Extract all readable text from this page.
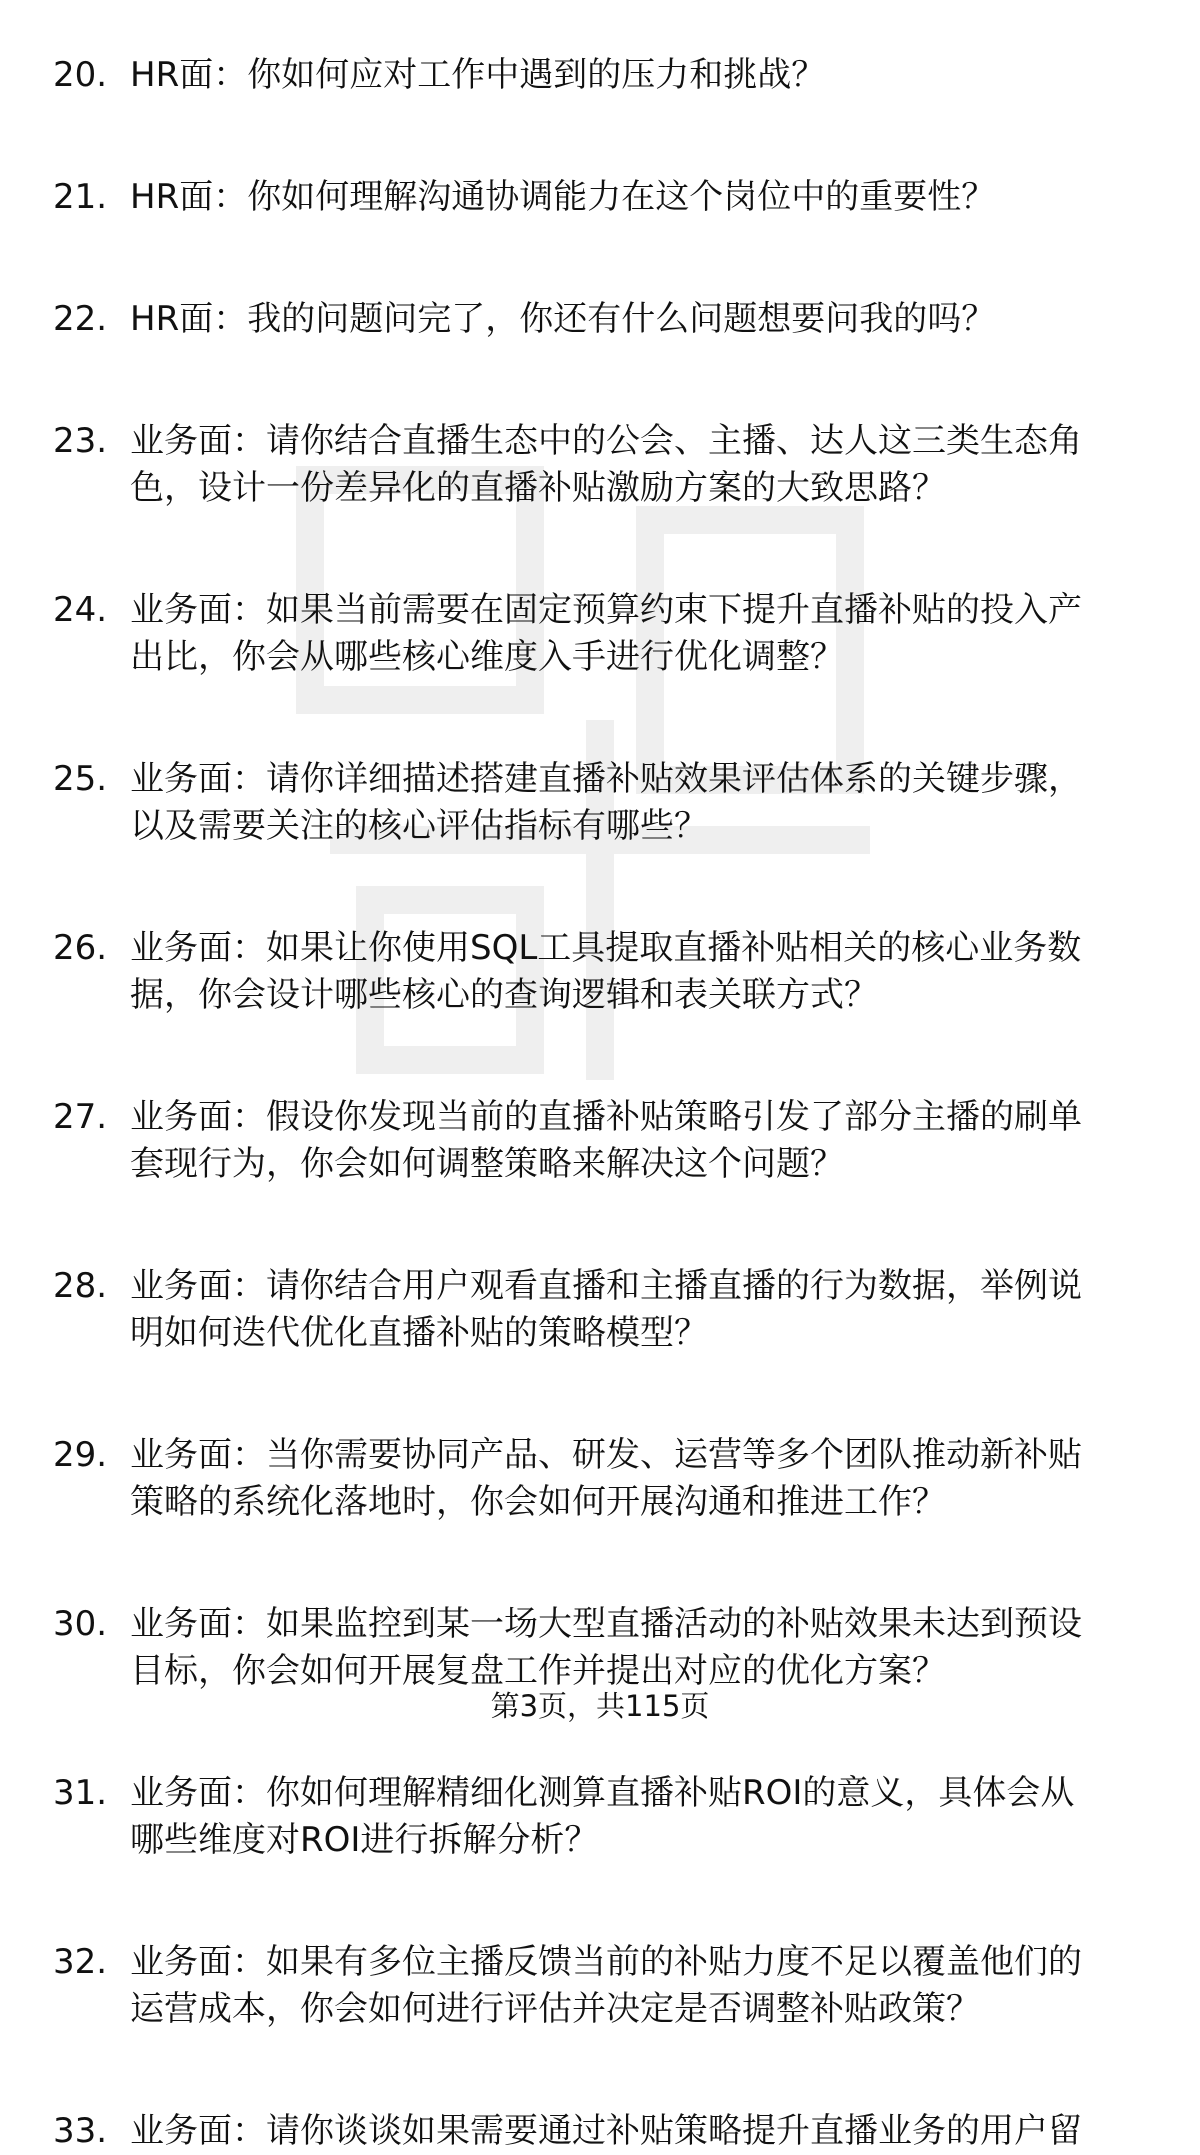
20. HR面：你如何应对工作中遇到的压力和挑战？
21. HR面：你如何理解沟通协调能力在这个岗位中的重要性？
22. HR面：我的问题问完了，你还有什么问题想要问我的吗？
23. 业务面：请你结合直播生态中的公会、主播、达人这三类生态角
色，设计一份差异化的直播补贴激励方案的大致思路？
24. 业务面：如果当前需要在固定预算约束下提升直播补贴的投入产
出比，你会从哪些核心维度入手进行优化调整？
25. 业务面：请你详细描述搭建直播补贴效果评估体系的关键步骤，
以及需要关注的核心评估指标有哪些？
26. 业务面：如果让你使用SQL工具提取直播补贴相关的核心业务数
据，你会设计哪些核心的查询逻辑和表关联方式？
27. 业务面：假设你发现当前的直播补贴策略引发了部分主播的刷单
套现行为，你会如何调整策略来解决这个问题？
28. 业务面：请你结合用户观看直播和主播直播的行为数据，举例说
明如何迭代优化直播补贴的策略模型？
29. 业务面：当你需要协同产品、研发、运营等多个团队推动新补贴
策略的系统化落地时，你会如何开展沟通和推进工作？
30. 业务面：如果监控到某一场大型直播活动的补贴效果未达到预设
目标，你会如何开展复盘工作并提出对应的优化方案？
31. 业务面：你如何理解精细化测算直播补贴ROI的意义，具体会从
哪些维度对ROI进行拆解分析？
32. 业务面：如果有多位主播反馈当前的补贴力度不足以覆盖他们的
运营成本，你会如何进行评估并决定是否调整补贴政策？
33. 业务面：请你谈谈如果需要通过补贴策略提升直播业务的用户留
第3页，共115页
